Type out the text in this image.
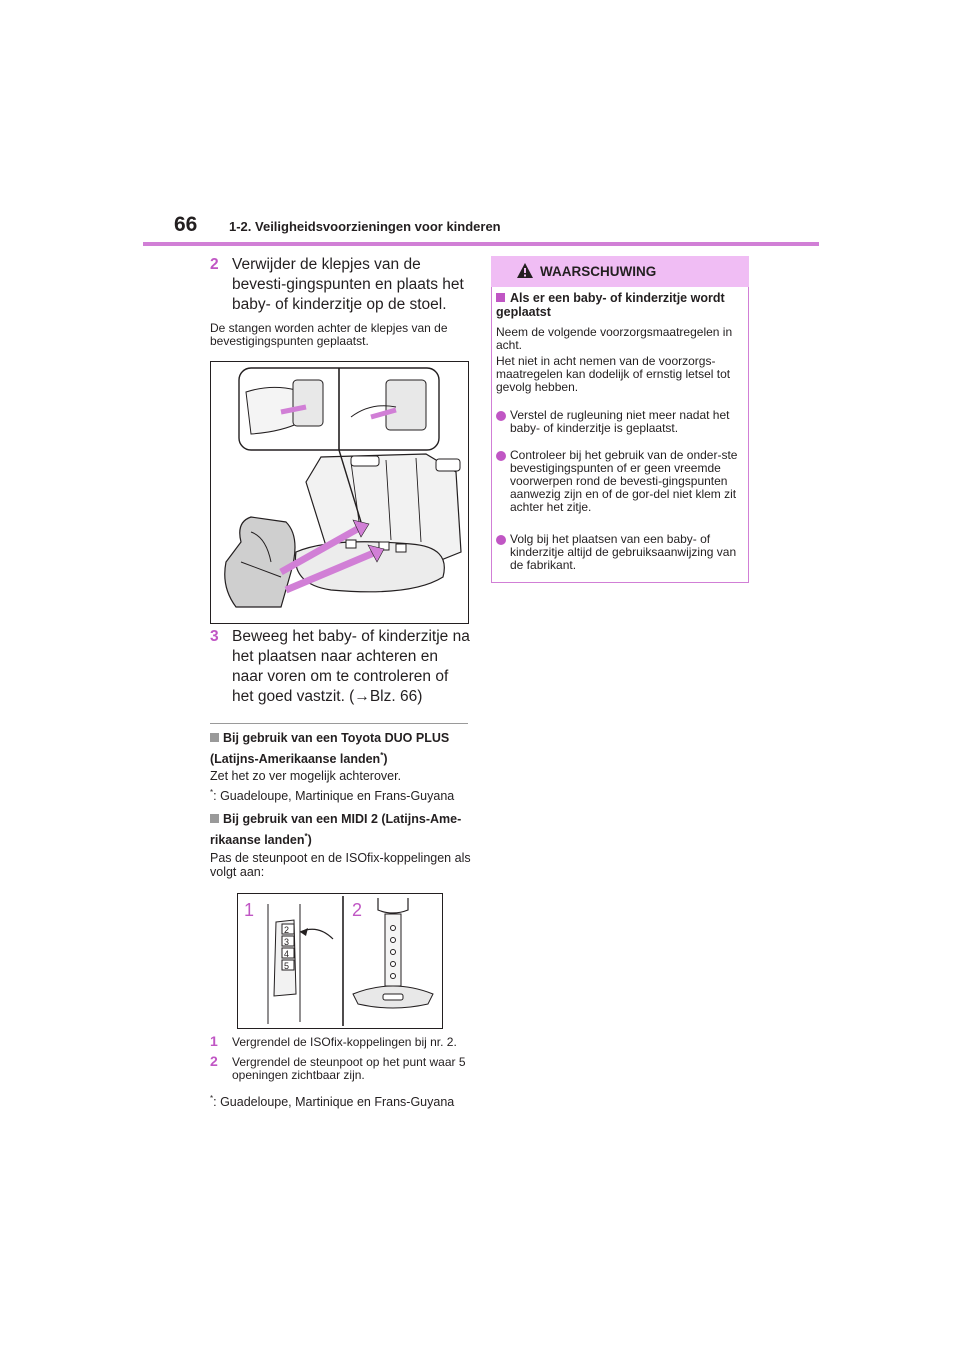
66 1-2. Veiligheidsvoorzieningen voor kinderen
2 Verwijder de klepjes van de bevesti-gingspunten en plaats het baby- of kinderzitje op de stoel.
De stangen worden achter de klepjes van de bevestigingspunten geplaatst.
3 Beweeg het baby- of kinderzitje na het plaatsen naar achteren en naar voren om te controleren of het goed vastzit. (→Blz. 66)
Bij gebruik van een Toyota DUO PLUS (Latijns-Amerikaanse landen*)
Zet het zo ver mogelijk achterover.
*: Guadeloupe, Martinique en Frans-Guyana
Bij gebruik van een MIDI 2 (Latijns-Ame-rikaanse landen*)
Pas de steunpoot en de ISOfix-koppelingen als volgt aan:
1	2
2
3
4
5
1 Vergrendel de ISOfix-koppelingen bij nr. 2.
2 Vergrendel de steunpoot op het punt waar 5 openingen zichtbaar zijn.
*: Guadeloupe, Martinique en Frans-Guyana
WAARSCHUWING
Als er een baby- of kinderzitje wordt geplaatst
Neem de volgende voorzorgsmaatregelen in acht.
Het niet in acht nemen van de voorzorgs-maatregelen kan dodelijk of ernstig letsel tot gevolg hebben.
Verstel de rugleuning niet meer nadat het baby- of kinderzitje is geplaatst.
Controleer bij het gebruik van de onder-ste bevestigingspunten of er geen vreemde voorwerpen rond de bevesti-gingspunten aanwezig zijn en of de gor-del niet klem zit achter het zitje.
Volg bij het plaatsen van een baby- of kinderzitje altijd de gebruiksaanwijzing van de fabrikant.
